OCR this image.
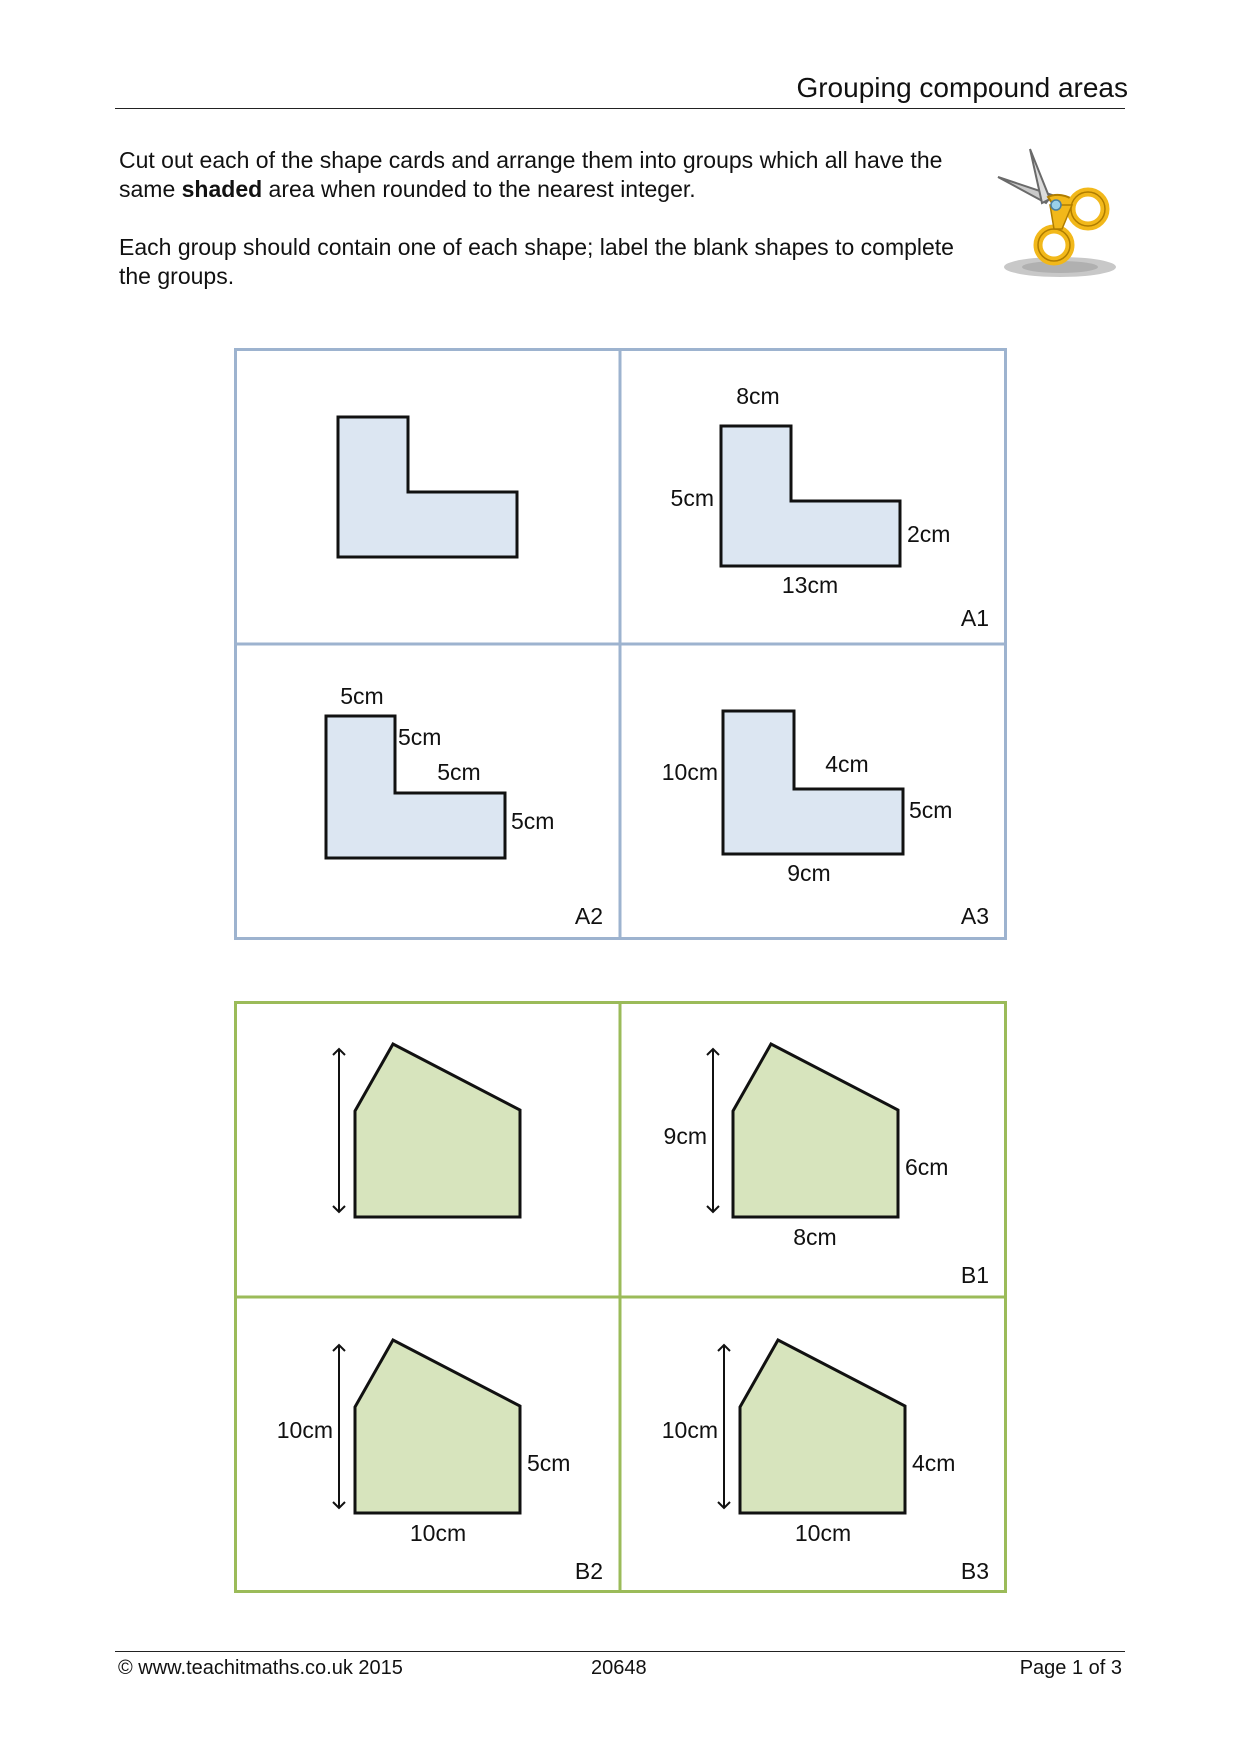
Grouping compound areas

Cut out each of the shape cards and arrange them into groups which all have the same shaded area when rounded to the nearest integer.

Each group should contain one of each shape; label the blank shapes to complete the groups.

8cm
5cm
2cm
13cm
A1
5cm
5cm
5cm
5cm
A2
10cm	4cm
5cm
9cm
A3
9cm
6cm
8cm
B1
10cm
5cm
10cm
B2
10cm
4cm
10cm
B3
© www.teachitmaths.co.uk 2015	20648	Page 1 of 3
